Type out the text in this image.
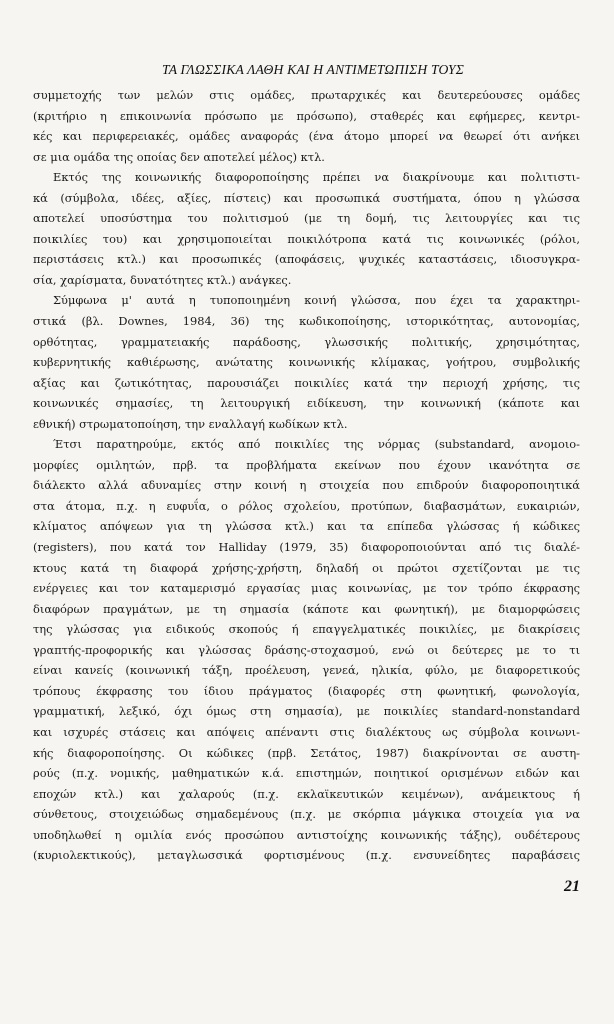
ΤΑ ΓΛΩΣΣΙΚΑ ΛΑΘΗ ΚΑΙ Η ΑΝΤΙΜΕΤΩΠΙΣΗ ΤΟΥΣ
συμμετοχής των μελών στις ομάδες, πρωταρχικές και δευτερεύουσες ομάδες
(κριτήριο η επικοινωνία πρόσωπο με πρόσωπο), σταθερές και εφήμερες, κεντρι-
κές και περιφερειακές, ομάδες αναφοράς (ένα άτομο μπορεί να θεωρεί ότι ανήκει
σε μια ομάδα της οποίας δεν αποτελεί μέλος) κτλ.
Εκτός της κοινωνικής διαφοροποίησης πρέπει να διακρίνουμε και πολιτιστι-
κά (σύμβολα, ιδέες, αξίες, πίστεις) και προσωπικά συστήματα, όπου η γλώσσα
αποτελεί υποσύστημα του πολιτισμού (με τη δομή, τις λειτουργίες και τις
ποικιλίες του) και χρησιμοποιείται ποικιλότροπα κατά τις κοινωνικές (ρόλοι,
περιστάσεις κτλ.) και προσωπικές (αποφάσεις, ψυχικές καταστάσεις, ιδιοσυγκρα-
σία, χαρίσματα, δυνατότητες κτλ.) ανάγκες.
Σύμφωνα μ' αυτά η τυποποιημένη κοινή γλώσσα, που έχει τα χαρακτηρι-
στικά (βλ. Downes, 1984, 36) της κωδικοποίησης, ιστορικότητας, αυτονομίας,
ορθότητας, γραμματειακής παράδοσης, γλωσσικής πολιτικής, χρησιμότητας,
κυβερνητικής καθιέρωσης, ανώτατης κοινωνικής κλίμακας, γοήτρου, συμβολικής
αξίας και ζωτικότητας, παρουσιάζει ποικιλίες κατά την περιοχή χρήσης, τις
κοινωνικές σημασίες, τη λειτουργική ειδίκευση, την κοινωνική (κάποτε και
εθνική) στρωματοποίηση, την εναλλαγή κωδίκων κτλ.
Έτσι παρατηρούμε, εκτός από ποικιλίες της νόρμας (substandard, ανομοιο-
μορφίες ομιλητών, πρβ. τα προβλήματα εκείνων που έχουν ικανότητα σε
διάλεκτο αλλά αδυναμίες στην κοινή η στοιχεία που επιδρούν διαφοροποιητικά
στα άτομα, π.χ. η ευφυΐα, ο ρόλος σχολείου, προτύπων, διαβασμάτων, ευκαιριών,
κλίματος απόψεων για τη γλώσσα κτλ.) και τα επίπεδα γλώσσας ή κώδικες
(registers), που κατά τον Halliday (1979, 35) διαφοροποιούνται από τις διαλέ-
κτους κατά τη διαφορά χρήσης-χρήστη, δηλαδή οι πρώτοι σχετίζονται με τις
ενέργειες και τον καταμερισμό εργασίας μιας κοινωνίας, με τον τρόπο έκφρασης
διαφόρων πραγμάτων, με τη σημασία (κάποτε και φωνητική), με διαμορφώσεις
της γλώσσας για ειδικούς σκοπούς ή επαγγελματικές ποικιλίες, με διακρίσεις
γραπτής-προφορικής και γλώσσας δράσης-στοχασμού, ενώ οι δεύτερες με το τι
είναι κανείς (κοινωνική τάξη, προέλευση, γενεά, ηλικία, φύλο, με διαφορετικούς
τρόπους έκφρασης του ίδιου πράγματος (διαφορές στη φωνητική, φωνολογία,
γραμματική, λεξικό, όχι όμως στη σημασία), με ποικιλίες standard-nonstandard
και ισχυρές στάσεις και απόψεις απέναντι στις διαλέκτους ως σύμβολα κοινωνι-
κής διαφοροποίησης. Οι κώδικες (πρβ. Σετάτος, 1987) διακρίνονται σε αυστη-
ρούς (π.χ. νομικής, μαθηματικών κ.ά. επιστημών, ποιητικοί ορισμένων ειδών και
εποχών κτλ.) και χαλαρούς (π.χ. εκλαϊκευτικών κειμένων), ανάμεικτους ή
σύνθετους, στοιχειώδως σημαδεμένους (π.χ. με σκόρπια μάγκικα στοιχεία για να
υποδηλωθεί η ομιλία ενός προσώπου αντιστοίχης κοινωνικής τάξης), ουδέτερους
(κυριολεκτικούς), μεταγλωσσικά φορτισμένους (π.χ. ενσυνείδητες παραβάσεις
21
